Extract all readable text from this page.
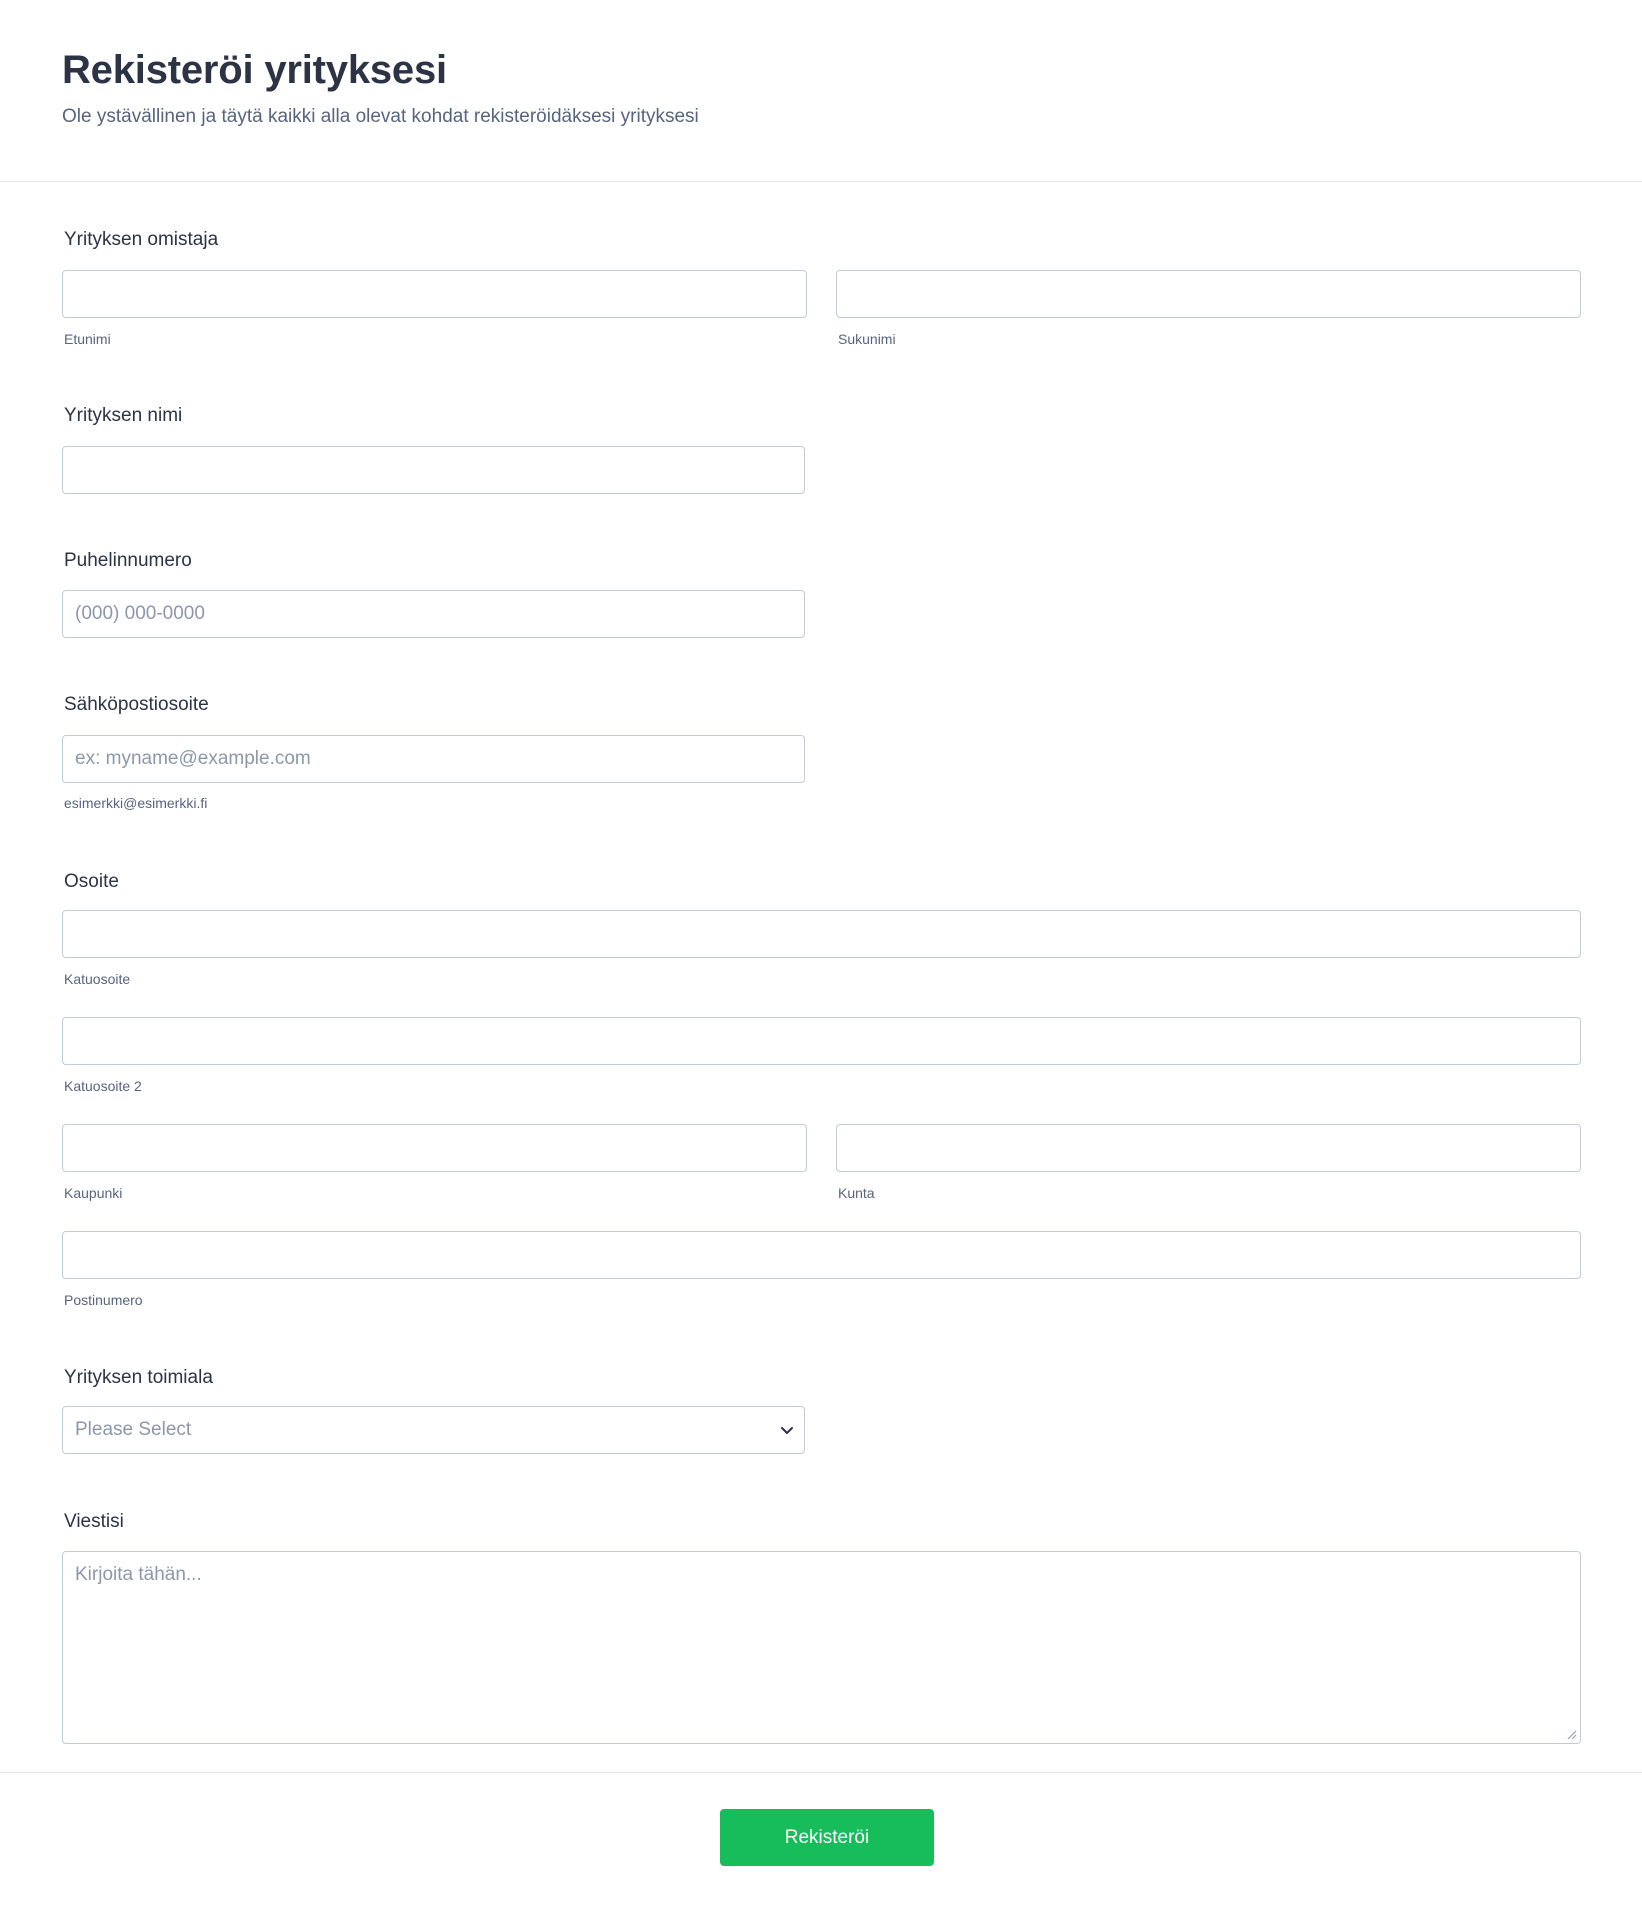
Rekisteröi yrityksesi

Ole ystävällinen ja täytä kaikki alla olevat kohdat rekisteröidäksesi yrityksesi

Yrityksen omistaja
Etunimi	Sukunimi
Yrityksen nimi
Puhelinnumero
(000) 000-0000
Sähköpostiosoite
ex: myname@example.com
esimerkki@esimerkki.fi
Osoite
Katuosoite
Katuosoite 2
Kaupunki	Kunta
Postinumero
Yrityksen toimiala
Please Select
Viestisi
Kirjoita tähän...
Rekisteröi
